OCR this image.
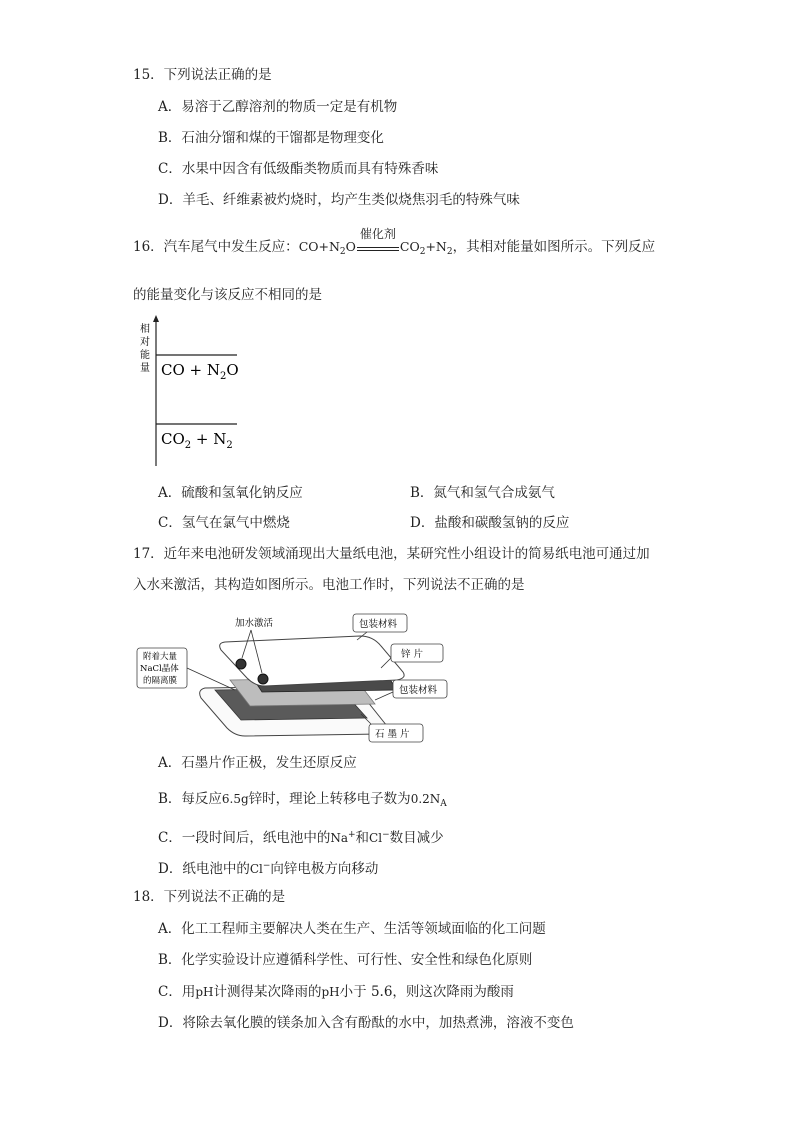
15．下列说法正确的是
A．易溶于乙醇溶剂的物质一定是有机物
B．石油分馏和煤的干馏都是物理变化
C．水果中因含有低级酯类物质而具有特殊香味
D．羊毛、纤维素被灼烧时，均产生类似烧焦羽毛的特殊气味
16．汽车尾气中发生反应：$CO+N_2O$
催化剂
$CO_2+N_2$，其相对能量如图所示。下列反应
的能量变化与该反应不相同的是
相
对
能
量 CO + $N_2O$
$CO_2 + N_2$
A．硫酸和氢氧化钠反应	B．氮气和氢气合成氨气
C．氢气在氯气中燃烧	D．盐酸和碳酸氢钠的反应
17．近年来电池研发领域涌现出大量纸电池，某研究性小组设计的简易纸电池可通过加
入水来激活，其构造如图所示。电池工作时，下列说法不正确的是
加水激活	包装材料
锌 片
包装材料
石 墨 片
附着大量
NaCl晶体
的隔离膜
A．石墨片作正极，发生还原反应
B．每反应6.5g锌时，理论上转移电子数为$0.2N_A$
C．一段时间后，纸电池中的Na+和Cl−数目减少
D．纸电池中的Cl−向锌电极方向移动
18．下列说法不正确的是
A．化工工程师主要解决人类在生产、生活等领域面临的化工问题
B．化学实验设计应遵循科学性、可行性、安全性和绿色化原则
C．用pH计测得某次降雨的pH小于 5.6，则这次降雨为酸雨
D．将除去氧化膜的镁条加入含有酚酞的水中，加热煮沸，溶液不变色
